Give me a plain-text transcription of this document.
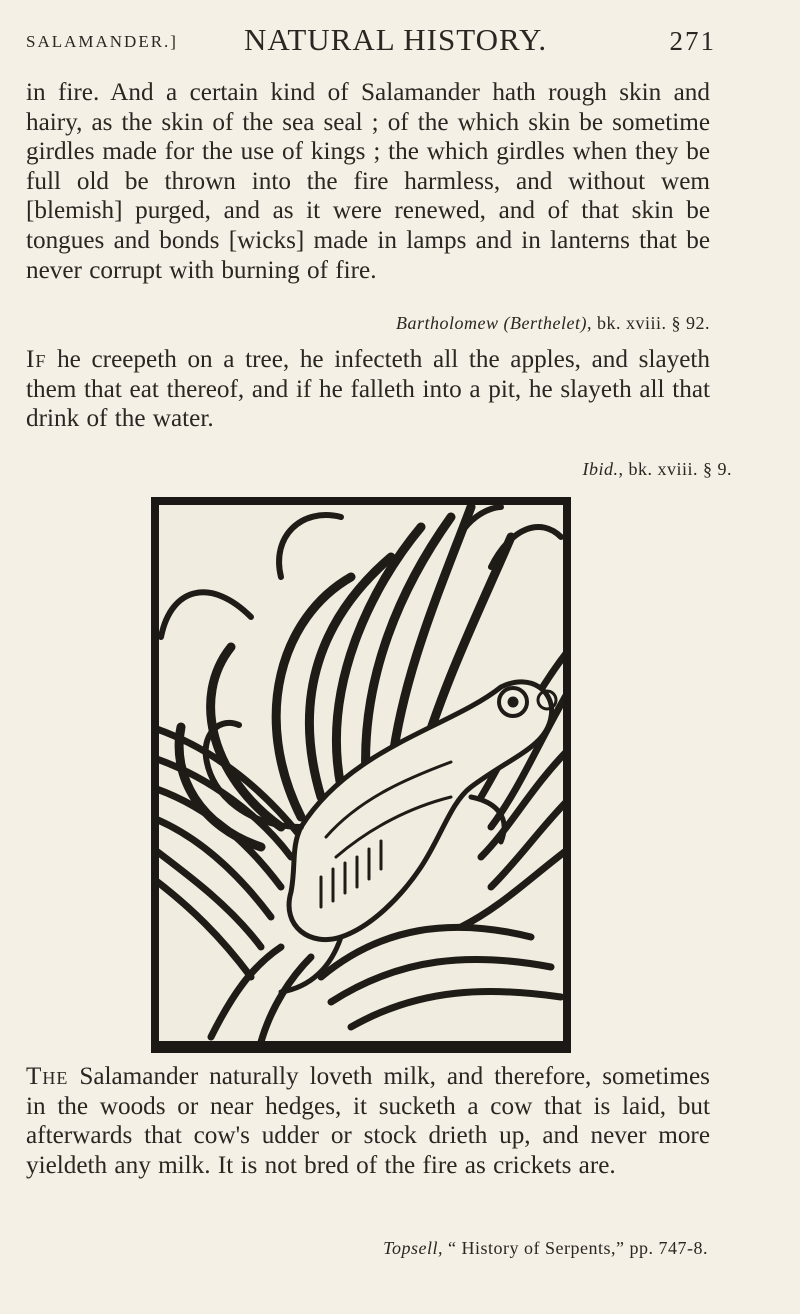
SALAMANDER.] NATURAL HISTORY.	271
in fire. And a certain kind of Salamander hath rough skin and hairy, as the skin of the sea seal ; of the which skin be sometime girdles made for the use of kings ; the which girdles when they be full old be thrown into the fire harmless, and without wem [blemish] purged, and as it were renewed, and of that skin be tongues and bonds [wicks] made in lamps and in lanterns that be never corrupt with burning of fire.
Bartholomew (Berthelet), bk. xviii. § 92.
If he creepeth on a tree, he infecteth all the apples, and slayeth them that eat thereof, and if he falleth into a pit, he slayeth all that drink of the water.
Ibid., bk. xviii. § 9.
The Salamander naturally loveth milk, and therefore, sometimes in the woods or near hedges, it sucketh a cow that is laid, but afterwards that cow's udder or stock drieth up, and never more yieldeth any milk. It is not bred of the fire as crickets are.
Topsell, “ History of Serpents,” pp. 747-8.
